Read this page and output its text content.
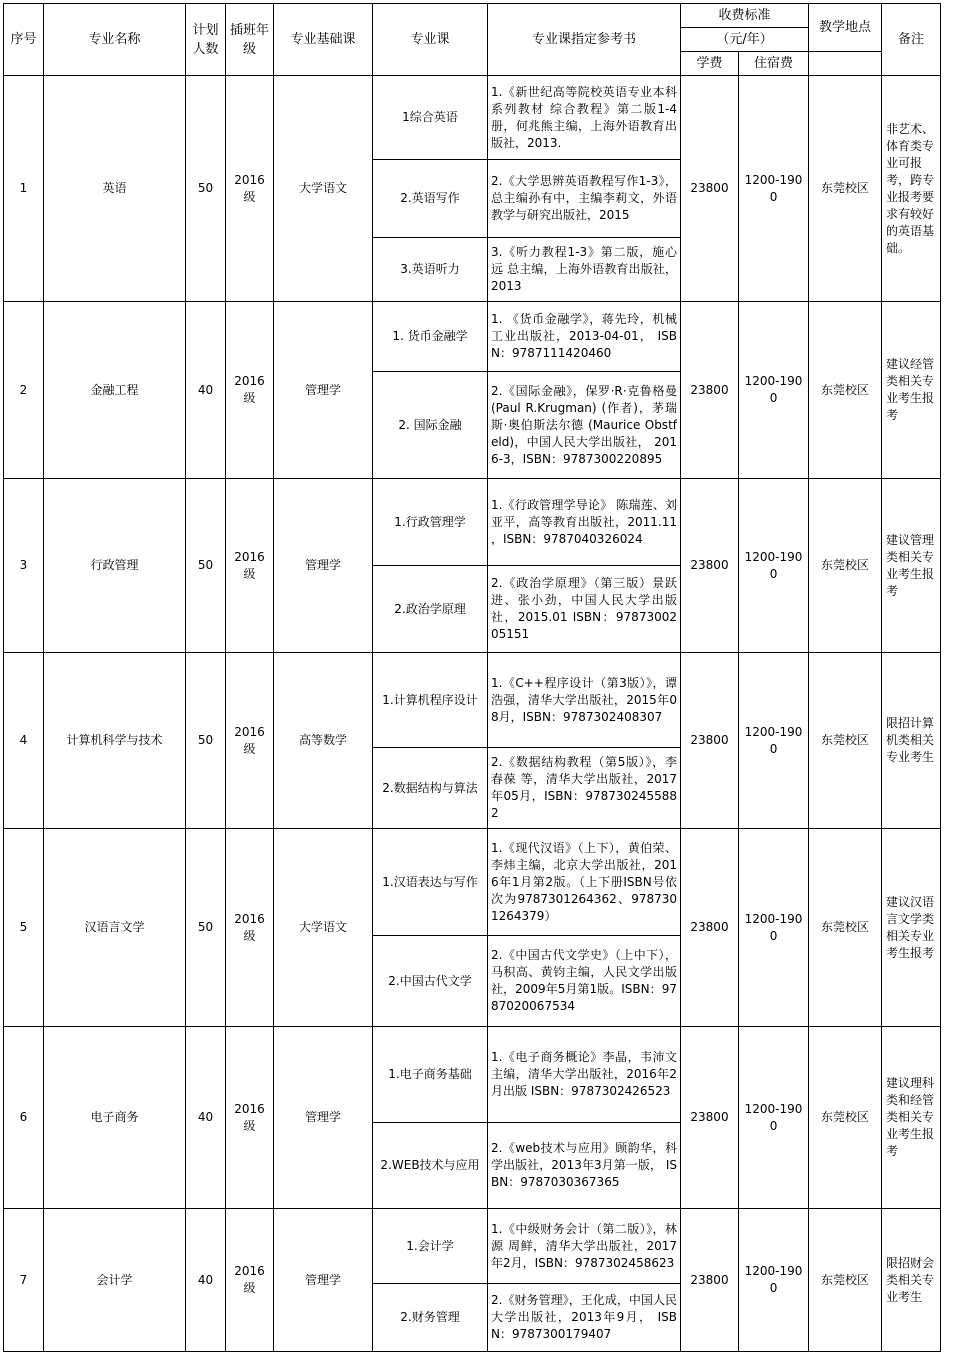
序号	专业名称	计划人数	插班年级	专业基础课	专业课	专业课指定参考书	收费标准		教学地点	备注
							（元/年）			
							学费	住宿费		
1	英语	50	2016级	大学语文	1综合英语	1.《新世纪高等院校英语专业本科系列教材 综合教程》第二版1-4册，何兆熊主编，上海外语教育出版社，2013.	23800	1200-1900	东莞校区	非艺术、体育类专业可报考，跨专业报考要求有较好的英语基础。
					2.英语写作	2.《大学思辨英语教程写作1-3》，总主编孙有中，主编李莉文，外语教学与研究出版社，2015				
					3.英语听力	3.《听力教程1-3》第二版，施心远 总主编，上海外语教育出版社，2013				
2	金融工程	40	2016级	管理学	1. 货币金融学	1. 《货币金融学》，蒋先玲，机械工业出版社，2013-04-01， ISBN：9787111420460	23800	1200-1900	东莞校区	建议经管类相关专业考生报考
					2. 国际金融	2.《国际金融》，保罗·R·克鲁格曼 (Paul R.Krugman) (作者)，茅瑞斯·奥伯斯法尔德 (Maurice Obstfeld)，中国人民大学出版社， 2016-3，ISBN：9787300220895				
3	行政管理	50	2016级	管理学	1.行政管理学	1.《行政管理学导论》 陈瑞莲、刘亚平，高等教育出版社，2011.11 ，ISBN：9787040326024	23800	1200-1900	东莞校区	建议管理类相关专业考生报考
					2.政治学原理	2.《政治学原理》（第三版）景跃进、张小劲，中国人民大学出版社，2015.01 ISBN：9787300205151				
4	计算机科学与技术	50	2016级	高等数学	1.计算机程序设计	1.《C++程序设计（第3版）》，谭浩强，清华大学出版社，2015年08月，ISBN：9787302408307	23800	1200-1900	东莞校区	限招计算机类相关专业考生
					2.数据结构与算法	2.《数据结构教程（第5版）》，李春葆 等，清华大学出版社，2017年05月，ISBN：9787302455882				
5	汉语言文学	50	2016级	大学语文	1.汉语表达与写作	1.《现代汉语》（上下），黄伯荣、李炜主编，北京大学出版社，2016年1月第2版。（上下册ISBN号依次为9787301264362、9787301264379）	23800	1200-1900	东莞校区	建议汉语言文学类相关专业考生报考
					2.中国古代文学	2.《中国古代文学史》（上中下），马积高、黄钧主编，人民文学出版社，2009年5月第1版。ISBN：9787020067534				
6	电子商务	40	2016级	管理学	1.电子商务基础	1.《电子商务概论》李晶，韦沛文主编，清华大学出版社，2016年2月出版 ISBN：9787302426523	23800	1200-1900	东莞校区	建议理科类和经管类相关专业考生报考
					2.WEB技术与应用	2.《web技术与应用》顾韵华，科学出版社，2013年3月第一版， ISBN：9787030367365				
7	会计学	40	2016级	管理学	1.会计学	1.《中级财务会计（第二版）》，林源 周鲜，清华大学出版社，2017年2月，ISBN：9787302458623	23800	1200-1900	东莞校区	限招财会类相关专业考生
					2.财务管理	2.《财务管理》，王化成，中国人民大学出版社，2013年9月， ISBN：9787300179407				
